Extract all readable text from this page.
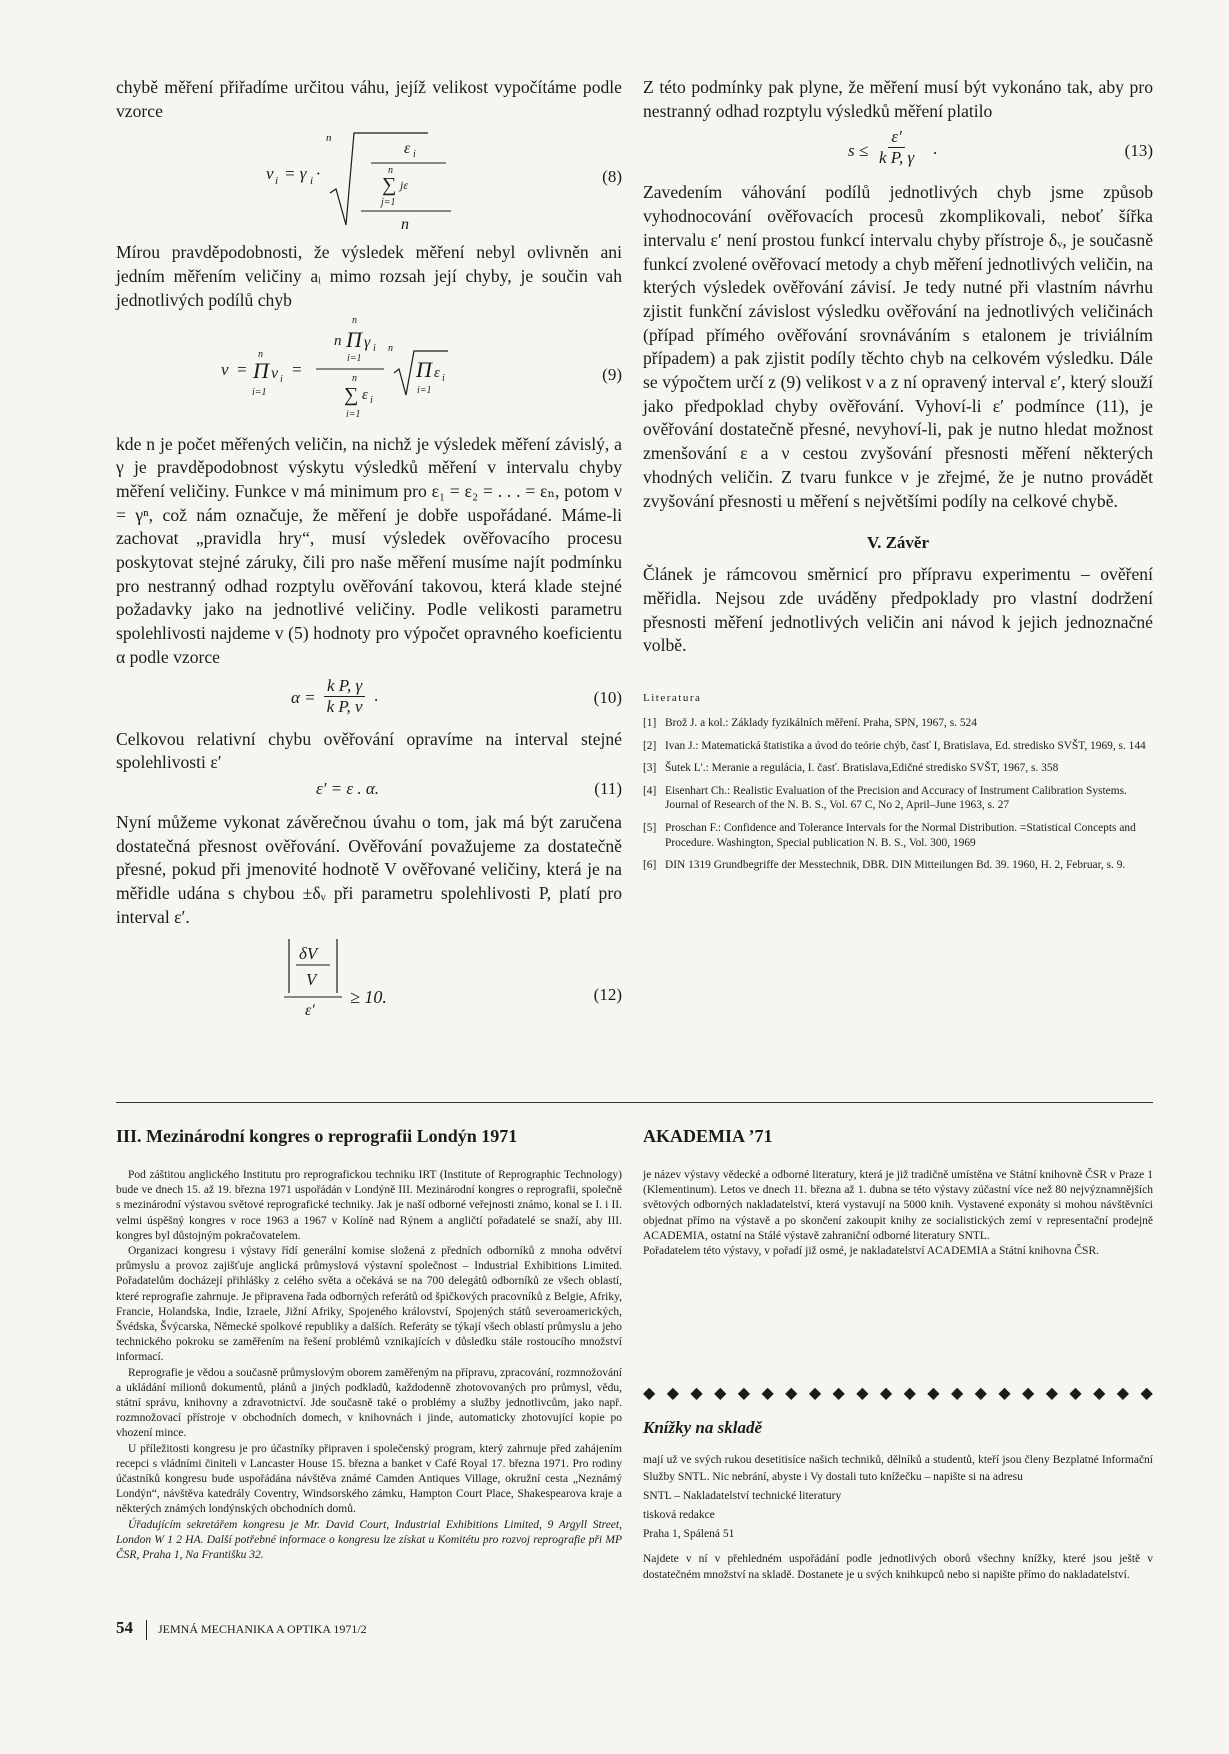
chybě měření přiřadíme určitou váhu, jejíž velikost vypočítáme podle vzorce

ν i = γ i ·
n
ε i
n
∑ jε
j=1
n
(8)

Mírou pravděpodobnosti, že výsledek měření nebyl ovlivněn ani jedním měřením veličiny aᵢ mimo rozsah její chyby, je součin vah jednotlivých podílů chyb

ν =
n
Π ν i
i=1
=
n
n Π γ i
i=1
n
∑ ε i
i=1
n
Π ε i
i=1
(9)

kde n je počet měřených veličin, na nichž je výsledek měření závislý, a γ je pravděpodobnost výskytu výsledků měření v intervalu chyby měření veličiny. Funkce ν má minimum pro ε₁ = ε₂ = . . . = εₙ, potom ν = γⁿ, což nám označuje, že měření je dobře uspořádané. Máme-li zachovat „pravidla hry“, musí výsledek ověřovacího procesu poskytovat stejné záruky, čili pro naše měření musíme najít podmínku pro nestranný odhad rozptylu ověřování takovou, která klade stejné požadavky jako na jednotlivé veličiny. Podle velikosti parametru spolehlivosti najdeme v (5) hodnoty pro výpočet opravného koeficientu α podle vzorce

$\alpha = \frac{\text{k P, γ}}{\text{k P, ν}}$ .	(10)

Celkovou relativní chybu ověřování opravíme na interval stejné spolehlivosti ε′

ε′ = ε . α.	(11)

Nyní můžeme vykonat závěrečnou úvahu o tom, jak má být zaručena dostatečná přesnost ověřování. Ověřování považujeme za dostatečně přesné, pokud při jmenovité hodnotě V ověřované veličiny, která je na měřidle udána s chybou ±δᵥ při parametru spolehlivosti P, platí pro interval ε′.

δV
V
ε′
≥ 10.	(12)

Z této podmínky pak plyne, že měření musí být vykonáno tak, aby pro nestranný odhad rozptylu výsledků měření platilo

$s \le \frac{\varepsilon'}{\text{k P, γ}}$ .	(13)

Zavedením váhování podílů jednotlivých chyb jsme způsob vyhodnocování ověřovacích procesů zkomplikovali, neboť šířka intervalu ε′ není prostou funkcí intervalu chyby přístroje δᵥ, je současně funkcí zvolené ověřovací metody a chyb měření jednotlivých veličin, na kterých výsledek ověřování závisí. Je tedy nutné při vlastním návrhu zjistit funkční závislost výsledku ověřování na jednotlivých veličinách (případ přímého ověřování srovnáváním s etalonem je triviálním případem) a pak zjistit podíly těchto chyb na celkovém výsledku. Dále se výpočtem určí z (9) velikost ν a z ní opravený interval ε′, který slouží jako předpoklad chyby ověřování. Vyhoví-li ε′ podmínce (11), je ověřování dostatečně přesné, nevyhoví-li, pak je nutno hledat možnost zmenšování ε a ν cestou zvyšování přesnosti měření některých vhodných veličin. Z tvaru funkce ν je zřejmé, že je nutno provádět zvyšování přesnosti u měření s největšími podíly na celkové chybě.

V. Závěr

Článek je rámcovou směrnicí pro přípravu experimentu – ověření měřidla. Nejsou zde uváděny předpoklady pro vlastní dodržení přesnosti měření jednotlivých veličin ani návod k jejich jednoznačné volbě.

Literatura

[1] Brož J. a kol.: Základy fyzikálních měření. Praha, SPN, 1967, s. 524
[2] Ivan J.: Matematická štatistika a úvod do teórie chýb, časť I, Bratislava, Ed. stredisko SVŠT, 1969, s. 144
[3] Šutek L'.: Meranie a regulácia, I. časť. Bratislava,Edičné stredisko SVŠT, 1967, s. 358
[4] Eisenhart Ch.: Realistic Evaluation of the Precision and Accuracy of Instrument Calibration Systems. Journal of Research of the N. B. S., Vol. 67 C, No 2, April–June 1963, s. 27
[5] Proschan F.: Confidence and Tolerance Intervals for the Normal Distribution. =Statistical Concepts and Procedure. Washington, Special publication N. B. S., Vol. 300, 1969
[6] DIN 1319 Grundbegriffe der Messtechnik, DBR. DIN Mitteilungen Bd. 39. 1960, H. 2, Februar, s. 9.
III. Mezinárodní kongres o reprografii Londýn 1971

Pod záštitou anglického Institutu pro reprografickou techniku IRT (Institute of Reprographic Technology) bude ve dnech 15. až 19. března 1971 uspořádán v Londýně III. Mezinárodní kongres o reprografii, společně s mezinárodní výstavou světové reprografické techniky. Jak je naší odborné veřejnosti známo, konal se I. i II. velmi úspěšný kongres v roce 1963 a 1967 v Kolíně nad Rýnem a angličtí pořadatelé se snaží, aby III. kongres byl důstojným pokračovatelem.

Organizaci kongresu i výstavy řídí generální komise složená z předních odborníků z mnoha odvětví průmyslu a provoz zajišťuje anglická průmyslová výstavní společnost – Industrial Exhibitions Limited. Pořadatelům docházejí přihlášky z celého světa a očekává se na 700 delegátů odborníků ze všech oblastí, které reprografie zahrnuje. Je připravena řada odborných referátů od špičkových pracovníků z Belgie, Afriky, Francie, Holandska, Indie, Izraele, Jižní Afriky, Spojeného království, Spojených států severoamerických, Švédska, Švýcarska, Německé spolkové republiky a dalších. Referáty se týkají všech oblastí průmyslu a jeho technického pokroku se zaměřením na řešení problémů vznikajících v důsledku stále rostoucího množství informací.

Reprografie je vědou a současně průmyslovým oborem zaměřeným na přípravu, zpracování, rozmnožování a ukládání milionů dokumentů, plánů a jiných podkladů, každodenně zhotovovaných pro průmysl, vědu, státní správu, knihovny a zdravotnictví. Jde současně také o problémy a služby jednotlivcům, jako např. rozmnožovací přístroje v obchodních domech, v knihovnách i jinde, automaticky zhotovující kopie po vhození mince.

U příležitosti kongresu je pro účastníky připraven i společenský program, který zahrnuje před zahájením recepci s vládními činiteli v Lancaster House 15. března a banket v Café Royal 17. března 1971. Pro rodiny účastníků kongresu bude uspořádána návštěva známé Camden Antiques Village, okružní cesta „Neznámý Londýn“, návštěva katedrály Coventry, Windsorského zámku, Hampton Court Place, Shakespearova kraje a některých známých londýnských obchodních domů.

Úřadujícím sekretářem kongresu je Mr. David Court, Industrial Exhibitions Limited, 9 Argyll Street, London W 1 2 HA. Další potřebné informace o kongresu lze získat u Komitétu pro rozvoj reprografie při MP ČSR, Praha 1, Na Františku 32.

AKADEMIA ’71

je název výstavy vědecké a odborné literatury, která je již tradičně umístěna ve Státní knihovně ČSR v Praze 1 (Klementinum). Letos ve dnech 11. března až 1. dubna se této výstavy zúčastní více než 80 nejvýznamnějších světových odborných nakladatelství, která vystavují na 5000 knih. Vystavené exponáty si mohou návštěvníci objednat přímo na výstavě a po skončení zakoupit knihy ze socialistických zemí v representační prodejně ACADEMIA, ostatní na Stálé výstavě zahraniční odborné literatury SNTL.

Pořadatelem této výstavy, v pořadí již osmé, je nakladatelství ACADEMIA a Státní knihovna ČSR.

◆ ◆ ◆ ◆ ◆ ◆ ◆ ◆ ◆ ◆ ◆ ◆ ◆ ◆ ◆ ◆ ◆ ◆ ◆ ◆ ◆ ◆
Knížky na skladě

mají už ve svých rukou desetitisíce našich techniků, dělníků a studentů, kteří jsou členy Bezplatné Informační Služby SNTL. Nic nebrání, abyste i Vy dostali tuto knížečku – napište si na adresu

SNTL – Nakladatelství technické literatury

tisková redakce

Praha 1, Spálená 51

Najdete v ní v přehledném uspořádání podle jednotlivých oborů všechny knížky, které jsou ještě v dostatečném množství na skladě. Dostanete je u svých knihkupců nebo si napište přímo do nakladatelství.

54 JEMNÁ MECHANIKA A OPTIKA 1971/2
